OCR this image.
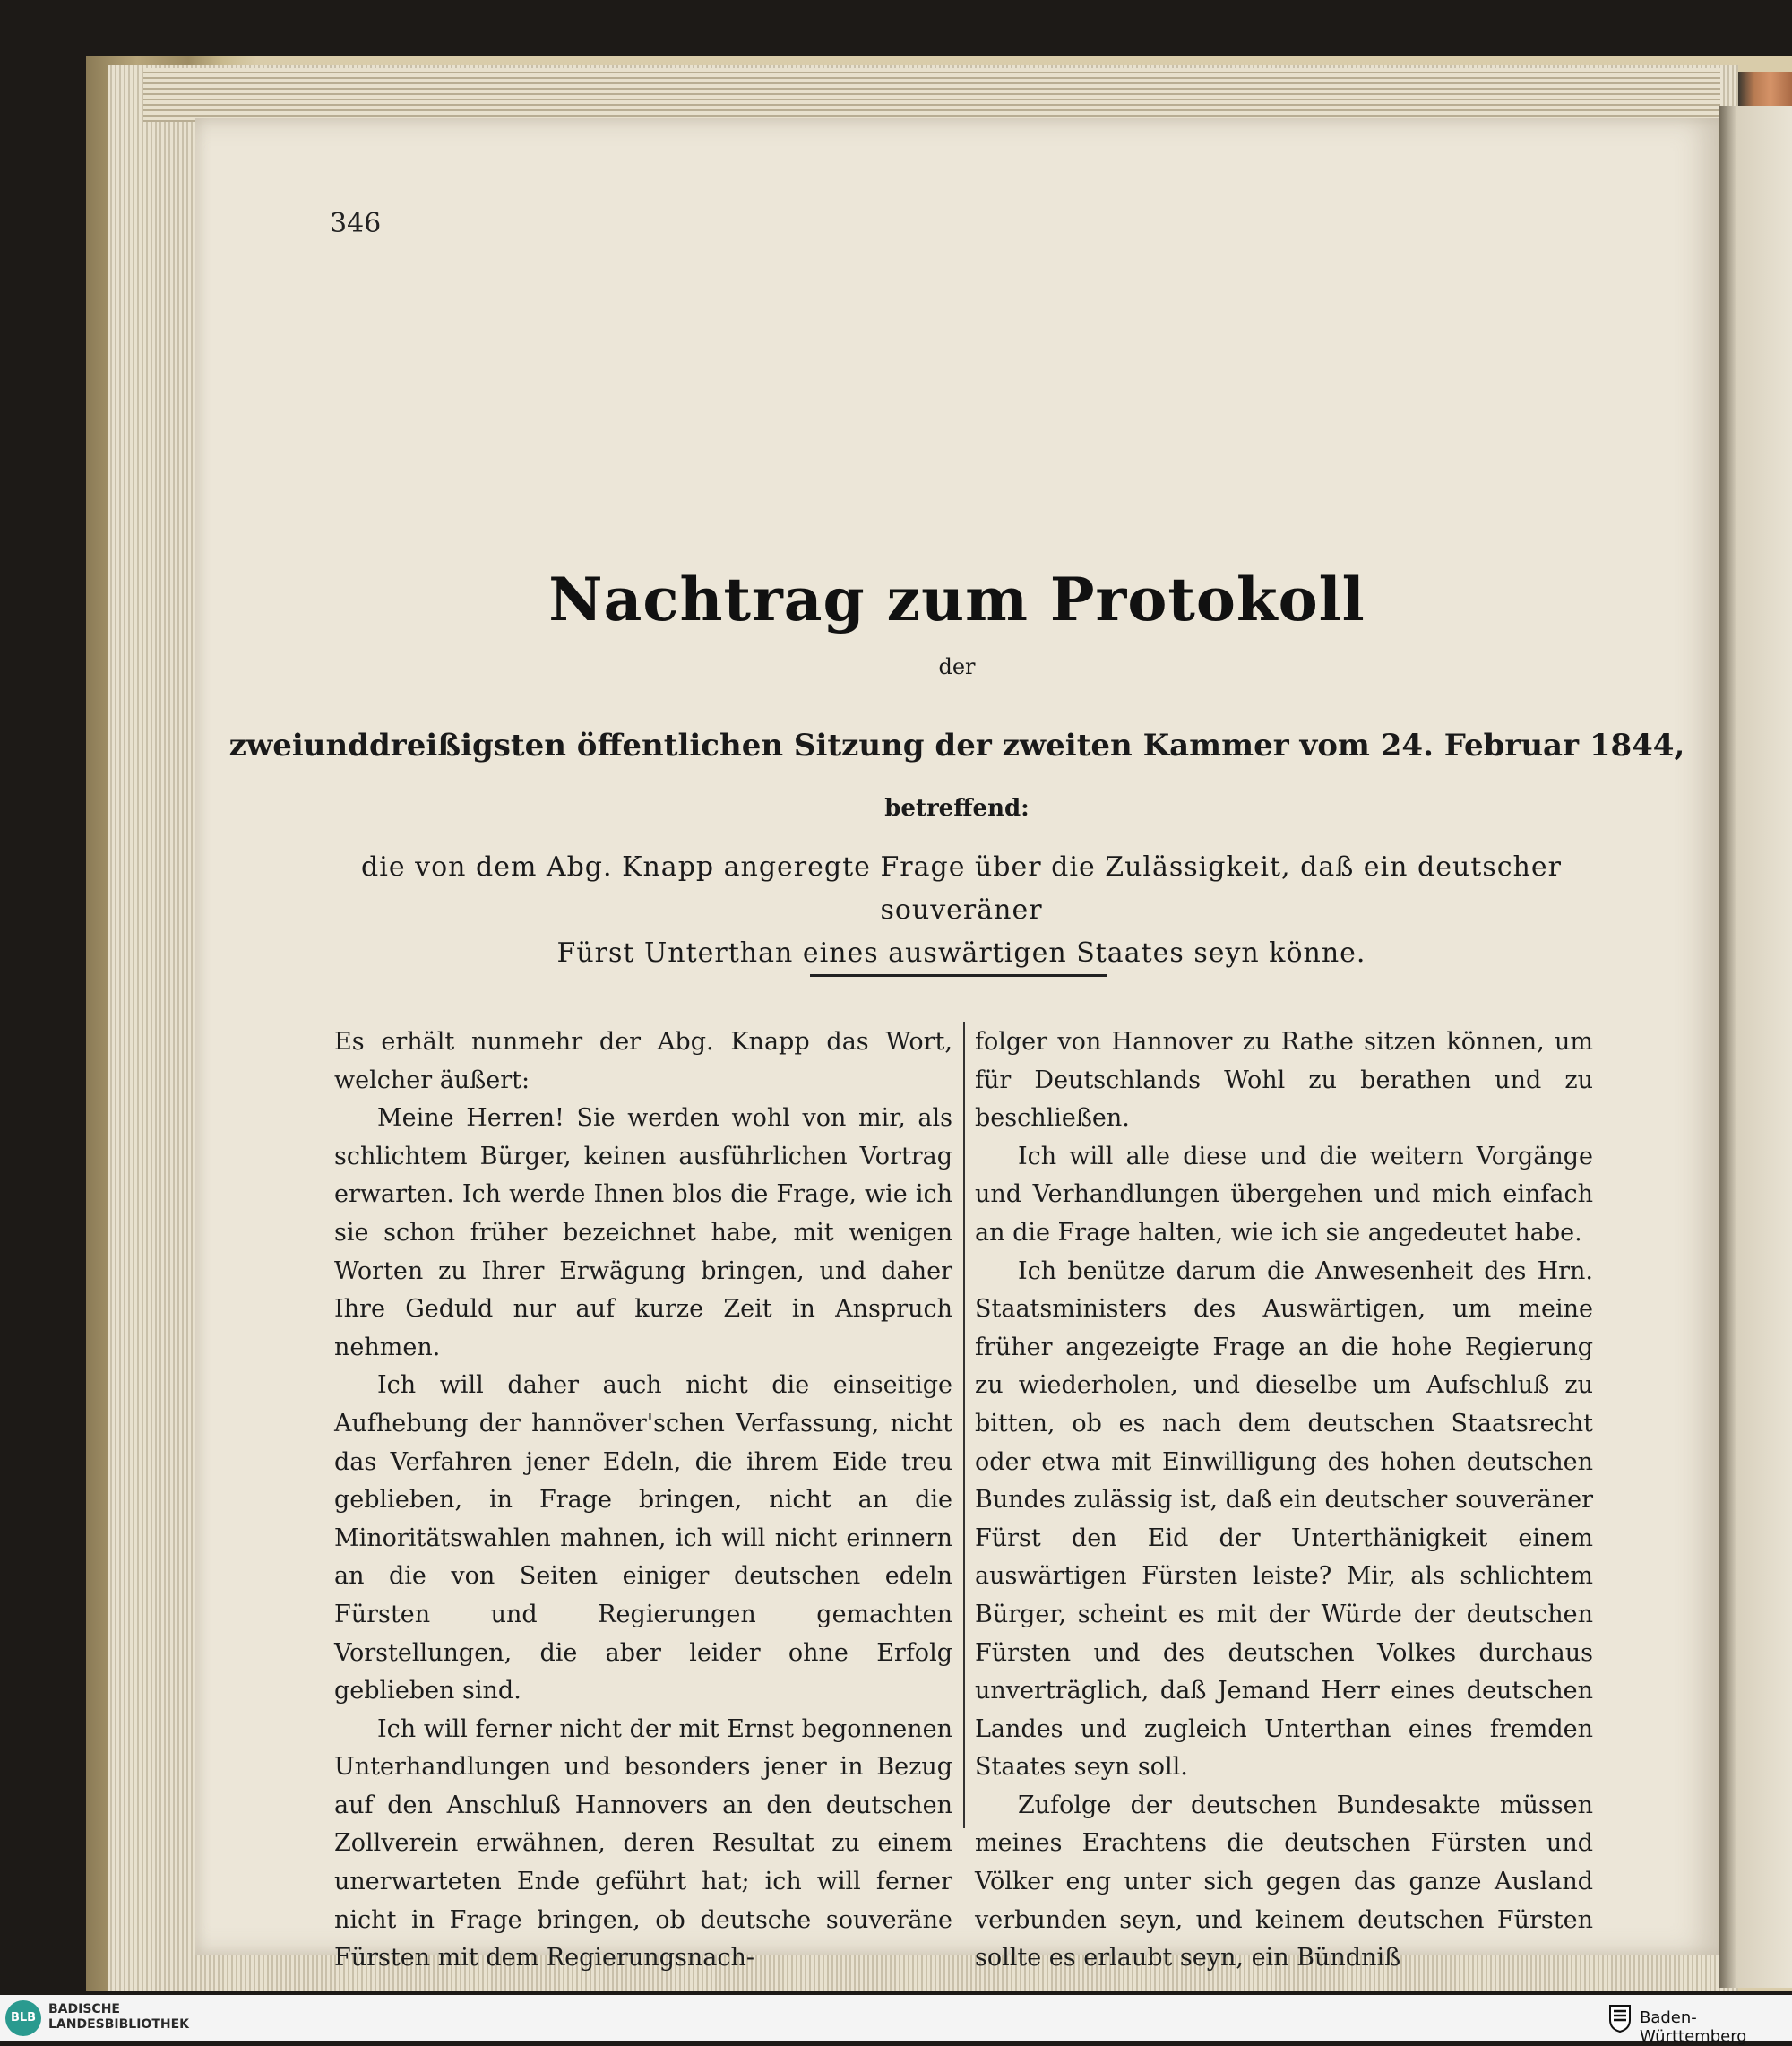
346
Nachtrag zum Protokoll
der
zweiunddreißigsten öffentlichen Sitzung der zweiten Kammer vom 24. Februar 1844,
betreffend:
die von dem Abg. Knapp angeregte Frage über die Zulässigkeit, daß ein deutscher souveräner
Fürst Unterthan eines auswärtigen Staates seyn könne.

Es erhält nunmehr der Abg. Knapp das Wort, welcher äußert:

Meine Herren! Sie werden wohl von mir, als schlichtem Bürger, keinen ausführlichen Vortrag erwarten. Ich werde Ihnen blos die Frage, wie ich sie schon früher bezeichnet habe, mit wenigen Worten zu Ihrer Erwägung bringen, und daher Ihre Geduld nur auf kurze Zeit in Anspruch nehmen.

Ich will daher auch nicht die einseitige Aufhebung der hannöver'schen Verfassung, nicht das Verfahren jener Edeln, die ihrem Eide treu geblieben, in Frage bringen, nicht an die Minoritätswahlen mahnen, ich will nicht erinnern an die von Seiten einiger deutschen edeln Fürsten und Regierungen gemachten Vorstellungen, die aber leider ohne Erfolg geblieben sind.

Ich will ferner nicht der mit Ernst begonnenen Unterhandlungen und besonders jener in Bezug auf den Anschluß Hannovers an den deutschen Zollverein erwähnen, deren Resultat zu einem unerwarteten Ende geführt hat; ich will ferner nicht in Frage bringen, ob deutsche souveräne Fürsten mit dem Regierungsnach-

folger von Hannover zu Rathe sitzen können, um für Deutschlands Wohl zu berathen und zu beschließen.

Ich will alle diese und die weitern Vorgänge und Verhandlungen übergehen und mich einfach an die Frage halten, wie ich sie angedeutet habe.

Ich benütze darum die Anwesenheit des Hrn. Staatsministers des Auswärtigen, um meine früher angezeigte Frage an die hohe Regierung zu wiederholen, und dieselbe um Aufschluß zu bitten, ob es nach dem deutschen Staatsrecht oder etwa mit Einwilligung des hohen deutschen Bundes zulässig ist, daß ein deutscher souveräner Fürst den Eid der Unterthänigkeit einem auswärtigen Fürsten leiste? Mir, als schlichtem Bürger, scheint es mit der Würde der deutschen Fürsten und des deutschen Volkes durchaus unverträglich, daß Jemand Herr eines deutschen Landes und zugleich Unterthan eines fremden Staates seyn soll.

Zufolge der deutschen Bundesakte müssen meines Erachtens die deutschen Fürsten und Völker eng unter sich gegen das ganze Ausland verbunden seyn, und keinem deutschen Fürsten sollte es erlaubt seyn, ein Bündniß

BLB
BADISCHE
LANDESBIBLIOTHEK	Baden-Württemberg
